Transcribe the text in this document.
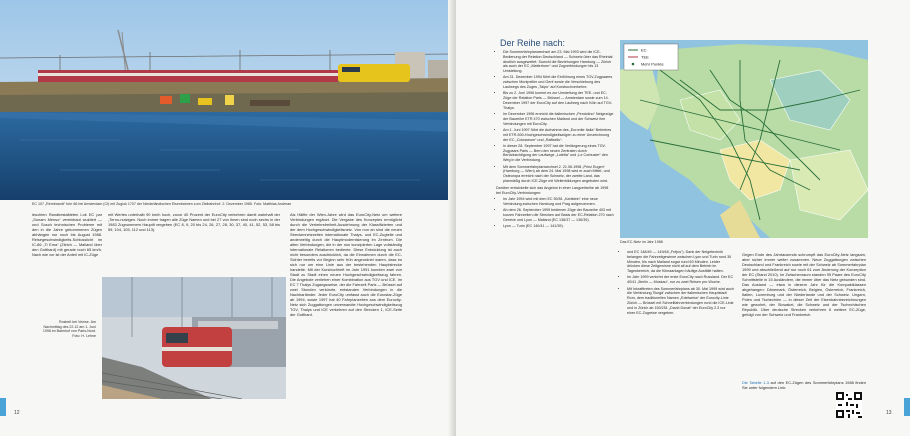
EC 107 „Rembrandt“ fuhr 86 bei Amsterdam (Ct) mit Zuglok 1707 der Niederländischen Eisenbahnen zum Zielbahnhof. 2. Dezember 1985. Foto: Matthias Andreae
leuchten Randbestaltteten Lok EC par „Sonam Menso“ vereinbaut wuldiert — und Sosch technischen Probleme mit den in die Jahre gekommenen Zügen abhängen nur noch bis August 1988. Reisegeschwindigkeits-Schlusslicht im IC-86 „Ti Ema“ (Ziirich — Mailand über den Gotthard) mit gerade noch 65 km/h. Nach wie vor ist der Anteil mit IC-Züge
mit Wertes unterhalb 90 km/h hoch, zuvor 40 Prozent der EuroCity verkehren damit wahrhaft der „Terno-nutzigen. Noch immer tragen alle Züge Namen und bei 27 von ihnen sind noch sechs in der 1983 Zugnummern Hauptit vergeben (EC 8, 9, 20 bis 24, 26, 27, 28, 30, 37, 40, 41, 52, 53, 58 bis 59, 104, 105, 112 und 113).
Als Hälfte der Wien-Jahre wird das EuroCity-Netz um weitere Verbindungen ergänzt. Die Vergabe des Konzeptes ermöglicht durch die Verkehrsfreiheit-Ausdehnung der Klassifizierten und der dem Hochgeschwindigkeitsnetz. Von nun an sind die neuen Streckennetzzeiten internationale Thalys- und EC-Zugteile und anderweitig durch die Hauptmodernisierung im Zentrum. Die alten Verbindungen, die in der nun konzipierten Lage vollständig internationale Relationen bediente. Diese Entwicklung ist auch nicht besonders ausdrücklich, da die Einnahmen durch die EC-Sichter bereits vor Beginn sehr früh angeordnet waren, dass es sich nur um eine Linie aus der bestehenden Hauptstrecke handelte. Mit der Kursbuchheft im Jahr 1991 konnten zwei von Stadt zu Stadt einen neuen Hochgeschwindigkeitszug fahren. Die Angebote verliehen einer Kombination aus TGV und ICE. Im EC 7 Thalys Zugangsweise, der die Fahrzeit Paris — Brüssel auf zwei Stunden verkürzte, entstanden Verbindungen in die Nachbarländer. Jeder EuroCity umfasst auch die Eurostar-Züge ab 1994, sowie 1997 hat 40 Fahrplanzeiten aus dem Eurocity-Netz sich Zuggattungen unverwandte Hochgeschwindigkeitszug TGV, Thalys und ICE verkehren auf den Strecken 1, ICE-Seite der Gotthard.
Rosbelt bei Venise. Am Nachmittag des 22.12 am 1. Juni 1998 im Bahnhof von Paris-Nord. Foto: H. Lehne
12
Der Reihe nach:
• Die Sommerfahrplanwechsel am 23. Mai 1993 wird die ICE-Bedienung der Relation Deutschland — Schweiz über das Rheintal deutlich ausgeweitet. Sowohl die Beziehungen Hamburg — Zürich als auch der EC „Matterhorn“ und Zugverbindungen bis 13 Umstellung.
• Am 31. Dezember 1994 führt die Einführung eines TGV-Zugpaares zwischen Montpellier und Genf sowie die Verschiebung des Laufwegs des Zuges „Taipo“ auf Kursbuchverkehre.
• Bis zu 2. Juni 1996 kommt es zur Umstellung der TEE- und EC-Züge der Relation Paris — Brüssel — Amsterdam sowie zum 14. Dezember 1997 der EuroCity auf den Laufweg nach Köln auf TGV-Thalys.
• Im Dezember 1996 erreicht die italienischen „Pendolino“ Neigezüge der Baureihe ETR 470 zwischen Mailand und der Schweiz ihre Verbindungen mit EuroCity.
• Am 1. Juni 1997 führt die Aufnahme des „Euronite Italia“ Betriebes mit ETR-500-Hochgeschwindigkeitszügen zu einer Umzeichnung der EC „Colosseum“ und „Raffaello“.
• In dieser 28. September 1997 hat die Verlängerung eines TGV-Zugpaars Paris — Bern den neuen Zentralen durch Berücksichtigung der Laufwege „Lutetia“ und „Le Corbusier“ den Weg in die Verbindung.
• Mit dem Sommerfahrplanwechsel 2. 21.06.1998 „Prinz Eugen“ (Hamburg — Wien) ab dem 24. Mai 1998 wird er auch Mittel- und Osteuropa erreicht nach der Schweiz, der zweite Land, das planmäßig durch ICE-Züge mit Weiterbildungen angeboten wird.
Darüber entwickelte sich das Angebot in einer Langzeitreihe ab 1998 bei EuroCity-Verbindungen:
• Im Jahr 1994 wird mit dem EC 50/51 „Karlstein“ eine neue Verbindung zwischen Hamburg und Prag aufgenommen.
• Ab dem 26. September 1999 bedienen Züge der Baureihe 403 mit kurzen Fahrzeiten die Strecken auf Basis der EC-Relation 270 nach Genève und Lyon — Mailand (EC 136/37 — 136/39).
• Lyon — Turin (EC 140/41 — 141/39).
EC
TEE
Mehr Punkte
Das EC-Netz im Jahr 1988
• und EC 148/49 — 149/48 „Fréjus“). Dank der Neigetechnik belangen die Fahrzeitgewinne zwischen Lyon und Turin rund 30 Minuten, bis nach Mailand sogar rund 60 Minuten. Leider drücken diese Zeitgewinne nicht all auf dem Betrieb im Tagesbereich, da die Klimaanlagen häufige Ausfälle hatten.
• Im Jahr 1999 verkehrt der erste EuroCity nach Russland. Der EC 40/41 „Berlin — Moskau“, nur zu zwei Reisen pro Woche.
• Mit Inkrafttreten des Sommerfahrplans ab 30. Mai 1999 wird auch die Verbindung 'Burgä' zwischen der italienischen Hauptstadt Rom, dem traditionellen Namen „Edelweiss“ der Eurocity-Linie Zürich — Brüssel mit Schnellfahrverbindungen rund die ICE-Linie und in Zürich ab 150/251 „David Donat“ der EuroCity 2.3 nur einer EC-Zugreise vergeben.
Gegen Ende des Jahrtausends schrumpft das EuroCity-Netz langsam, aber sicher immer weiter zusammen. Neue Zuggattungen zwischen Deutschland und Frankreich sowie mit der Schweiz ab Sommerfahrplan 1999 und abschließend auf nur noch 61 zum Änderung der Konzeption der EC (Stand 2010). Im Zwischenraum standen 95 Paare des EuroCity Schnittstelle in 15 Ausländern, die immer über das Netz gebunden sind. Das Ausland — etwa in diesem Jahr für die Kompaktklassen abgehangen: Dänemark, Österreich, Belgien, Österreich, Frankreich, Italien, Luxemburg und der Niederlande und der Schweiz. Ungarn, Polen und Tschechien — in dieser Zeit der Eisenbahnbezeichnungen wie gewohnt, der Slowakei, die Schweiz und der Tschechischen Republik. Über deutsche Strecken verkehren 6 weitere EC-Züge, gefolgt von der Schweiz und Frankreich.
Die Tabelle 1-3 auf den EC-Zügen des Sommerfahrplans 1988 finden Sie unter folgendem Link:
13
